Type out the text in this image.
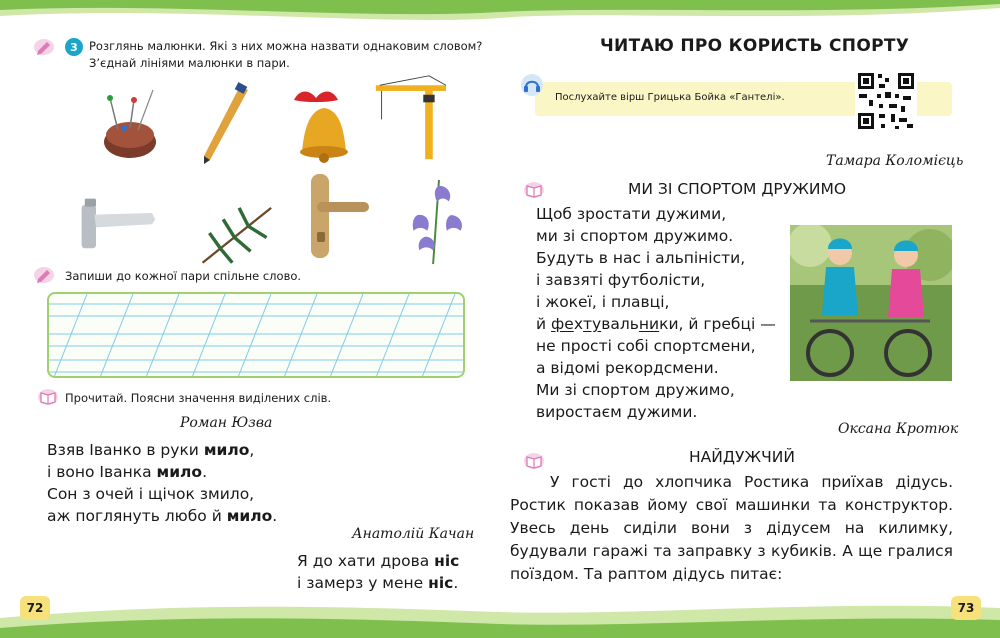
3 Розглянь малюнки. Які з них можна назвати однаковим словом?
З’єднай лініями малюнки в пари.
Запиши до кожної пари спільне слово.
Прочитай. Поясни значення виділених слів.
Роман Юзва
Взяв Іванко в руки мило,
і воно Іванка мило.
Сон з очей і щічок змило,
аж поглянуть любо й мило.
Анатолій Качан
Я до хати дрова ніс
і замерз у мене ніс.
72
ЧИТАЮ ПРО КОРИСТЬ СПОРТУ
Послухайте вірш Грицька Бойка «Гантелі».
Тамара Коломієць
МИ ЗІ СПОРТОМ ДРУЖИМО
Щоб зростати дужими,
ми зі спортом дружимо.
Будуть в нас і альпіністи,
і завзяті футболісти,
і жокеї, і плавці,
й фехтувальники, й гребці —
не прості собі спортсмени,
а відомі рекордсмени.
Ми зі спортом дружимо,
виростаєм дужими.
Оксана Кротюк
НАЙДУЖЧИЙ
У гості до хлопчика Ростика приїхав дідусь. Ростик показав йому свої машинки та конструктор. Увесь день сиділи вони з дідусем на килимку, будували гаражі та заправку з кубиків. А ще гралися поїздом. Та раптом дідусь питає:
73
